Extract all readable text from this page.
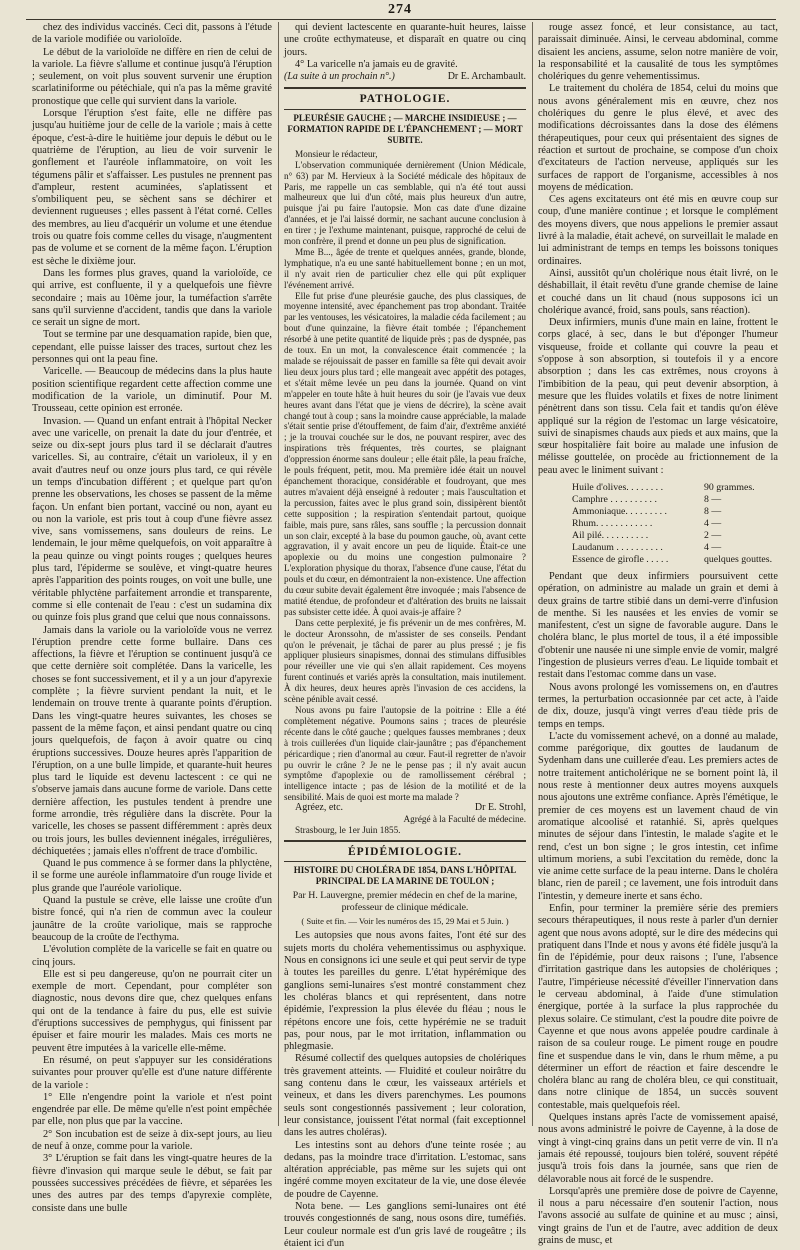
274

chez des individus vaccinés. Ceci dit, passons à l'étude de la variole modifiée ou varioloïde.

Le début de la varioloïde ne diffère en rien de celui de la variole. La fièvre s'allume et continue jusqu'à l'éruption ; seulement, on voit plus souvent survenir une éruption scarlatiniforme ou pétéchiale, qui n'a pas la même gravité pronostique que celle qui survient dans la variole.

Lorsque l'éruption s'est faite, elle ne diffère pas jusqu'au huitième jour de celle de la variole ; mais à cette époque, c'est-à-dire le huitième jour depuis le début ou le quatrième de l'éruption, au lieu de voir survenir le gonflement et l'auréole inflammatoire, on voit les tégumens pâlir et s'affaisser. Les pustules ne prennent pas d'ampleur, restent acuminées, s'aplatissent et s'ombiliquent peu, se sèchent sans se déchirer et deviennent rugueuses ; elles passent à l'état corné. Celles des membres, au lieu d'acquérir un volume et une étendue trois ou quatre fois comme celles du visage, n'augmentent pas de volume et se cornent de la même façon. L'éruption est sèche le dixième jour.

Dans les formes plus graves, quand la varioloïde, ce qui arrive, est confluente, il y a quelquefois une fièvre secondaire ; mais au 10ème jour, la tuméfaction s'arrête sans qu'il survienne d'accident, tandis que dans la variole ce serait un signe de mort.

Tout se termine par une desquamation rapide, bien que, cependant, elle puisse laisser des traces, surtout chez les personnes qui ont la peau fine.

Varicelle. — Beaucoup de médecins dans la plus haute position scientifique regardent cette affection comme une modification de la variole, un diminutif. Pour M. Trousseau, cette opinion est erronée.

Invasion. — Quand un enfant entrait à l'hôpital Necker avec une varicelle, on prenait la date du jour d'entrée, et seize ou dix-sept jours plus tard il se déclarait d'autres varicelles. Si, au contraire, c'était un varioleux, il y en avait d'autres neuf ou onze jours plus tard, ce qui révèle un temps d'incubation différent ; et quelque part qu'on prenne les observations, les choses se passent de la même façon. Un enfant bien portant, vacciné ou non, ayant eu ou non la variole, est pris tout à coup d'une fièvre assez vive, sans vomissemens, sans douleurs de reins. Le lendemain, le jour même quelquefois, on voit apparaître à la peau quinze ou vingt points rouges ; quelques heures plus tard, l'épiderme se soulève, et vingt-quatre heures après l'apparition des points rouges, on voit une bulle, une véritable phlyctène parfaitement arrondie et transparente, comme si elle contenait de l'eau : c'est un sudamina dix ou quinze fois plus grand que celui que nous connaissons.

Jamais dans la variole ou la varioloïde vous ne verrez l'éruption prendre cette forme bullaire. Dans ces affections, la fièvre et l'éruption se continuent jusqu'à ce que cette dernière soit complétée. Dans la varicelle, les choses se font successivement, et il y a un jour d'apyrexie complète ; la fièvre survient pendant la nuit, et le lendemain on trouve trente à quarante points d'éruption. Dans les vingt-quatre heures suivantes, les choses se passent de la même façon, et ainsi pendant quatre ou cinq jours quelquefois, de façon à avoir quatre ou cinq éruptions successives. Douze heures après l'apparition de l'éruption, on a une bulle limpide, et quarante-huit heures plus tard le liquide est devenu lactescent : ce qui ne s'observe jamais dans aucune forme de variole. Dans cette dernière affection, les pustules tendent à prendre une forme arrondie, très régulière dans la discrète. Pour la varicelle, les choses se passent différemment : après deux ou trois jours, les bulles deviennent inégales, irrégulières, déchiquetées ; jamais elles n'offrent de trace d'ombilic.

Quand le pus commence à se former dans la phlyctène, il se forme une auréole inflammatoire d'un rouge livide et plus grande que l'auréole variolique.

Quand la pustule se crève, elle laisse une croûte d'un bistre foncé, qui n'a rien de commun avec la couleur jaunâtre de la croûte variolique, mais se rapproche beaucoup de la croûte de l'ecthyma.

L'évolution complète de la varicelle se fait en quatre ou cinq jours.

Elle est si peu dangereuse, qu'on ne pourrait citer un exemple de mort. Cependant, pour compléter son diagnostic, nous devons dire que, chez quelques enfans qui ont de la tendance à faire du pus, elle est suivie d'éruptions successives de pemphygus, qui finissent par épuiser et faire mourir les malades. Mais ces morts ne peuvent être imputées à la varicelle elle-même.

En résumé, on peut s'appuyer sur les considérations suivantes pour prouver qu'elle est d'une nature différente de la variole :

1° Elle n'engendre point la variole et n'est point engendrée par elle. De même qu'elle n'est point empêchée par elle, non plus que par la vaccine.

2° Son incubation est de seize à dix-sept jours, au lieu de neuf à onze, comme pour la variole.

3° L'éruption se fait dans les vingt-quatre heures de la fièvre d'invasion qui marque seule le début, se fait par poussées successives précédées de fièvre, et séparées les unes des autres par des temps d'apyrexie complète, consiste dans une bulle

qui devient lactescente en quarante-huit heures, laisse une croûte ecthymateuse, et disparaît en quatre ou cinq jours.

4° La varicelle n'a jamais eu de gravité.

(La suite à un prochain n°.)	Dr E. Archambault.
PATHOLOGIE.
PLEURÉSIE GAUCHE ; — MARCHE INSIDIEUSE ; — FORMATION RAPIDE DE L'ÉPANCHEMENT ; — MORT SUBITE.

Monsieur le rédacteur,

L'observation communiquée dernièrement (Union Médicale, n° 63) par M. Hervieux à la Société médicale des hôpitaux de Paris, me rappelle un cas semblable, qui n'a été tout aussi malheureux que lui d'un côté, mais plus heureux d'un autre, puisque j'ai pu faire l'autopsie. Mon cas date d'une dizaine d'années, et je l'ai laissé dormir, ne sachant aucune conclusion à en tirer ; je l'exhume maintenant, puisque, rapproché de celui de mon confrère, il prend et donne un peu plus de signification.

Mme B..., âgée de trente et quelques années, grande, blonde, lymphatique, n'a eu une santé habituellement bonne ; en un mot, il n'y avait rien de particulier chez elle qui pût expliquer l'événement arrivé.

Elle fut prise d'une pleurésie gauche, des plus classiques, de moyenne intensité, avec épanchement pas trop abondant. Traitée par les ventouses, les vésicatoires, la maladie céda facilement ; au bout d'une quinzaine, la fièvre était tombée ; l'épanchement résorbé à une petite quantité de liquide près ; pas de dyspnée, pas de toux. En un mot, la convalescence était commencée ; la malade se réjouissait de passer en famille sa fête qui devait avoir lieu deux jours plus tard ; elle mangeait avec appétit des potages, et s'était même levée un peu dans la journée. Quand on vint m'appeler en toute hâte à huit heures du soir (je l'avais vue deux heures avant dans l'état que je viens de décrire), la scène avait changé tout à coup ; sans la moindre cause appréciable, la malade s'était sentie prise d'étouffement, de faim d'air, d'extrême anxiété ; je la trouvai couchée sur le dos, ne pouvant respirer, avec des inspirations très fréquentes, très courtes, se plaignant d'oppression énorme sans douleur ; elle était pâle, la peau fraîche, le pouls fréquent, petit, mou. Ma première idée était un nouvel épanchement thoracique, considérable et foudroyant, que mes autres m'avaient déjà enseigné à redouter ; mais l'auscultation et la percussion, faites avec le plus grand soin, dissipèrent bientôt cette supposition ; la respiration s'entendait partout, quoique faible, mais pure, sans râles, sans souffle ; la percussion donnait un son clair, excepté à la base du poumon gauche, où, avant cette aggravation, il y avait encore un peu de liquide. Était-ce une apoplexie ou du moins une congestion pulmonaire ? L'exploration physique du thorax, l'absence d'une cause, l'état du pouls et du cœur, en démontraient la non-existence. Une affection du cœur subite devait également être invoquée ; mais l'absence de matité étendue, de profondeur et d'altération des bruits ne laissait pas subsister cette idée. À quoi avais-je affaire ?

Dans cette perplexité, je fis prévenir un de mes confrères, M. le docteur Aronssohn, de m'assister de ses conseils. Pendant qu'on le prévenait, je tâchai de parer au plus pressé ; je fis appliquer plusieurs sinapismes, donnai des stimulans diffusibles pour réveiller une vie qui s'en allait rapidement. Ces moyens furent continués et variés après la consultation, mais inutilement. À dix heures, deux heures après l'invasion de ces accidens, la scène pénible avait cessé.

Nous avons pu faire l'autopsie de la poitrine : Elle a été complètement négative. Poumons sains ; traces de pleurésie récente dans le côté gauche ; quelques fausses membranes ; deux à trois cuillerées d'un liquide clair-jaunâtre ; pas d'épanchement péricardique ; rien d'anormal au cœur. Faut-il regretter de n'avoir pu ouvrir le crâne ? Je ne le pense pas ; il n'y avait aucun symptôme d'apoplexie ou de ramollissement cérébral ; intelligence intacte ; pas de lésion de la motilité et de la sensibilité. Mais de quoi est morte ma malade ?

Agréez, etc.	Dr E. Strohl,

Agrégé à la Faculté de médecine.

Strasbourg, le 1er Juin 1855.

ÉPIDÉMIOLOGIE.
HISTOIRE DU CHOLÉRA DE 1854, DANS L'HÔPITAL PRINCIPAL DE LA MARINE DE TOULON ;

Par H. Lauvergne, premier médecin en chef de la marine, professeur de clinique médicale.

( Suite et fin. — Voir les numéros des 15, 29 Mai et 5 Juin. )

Les autopsies que nous avons faites, l'ont été sur des sujets morts du choléra vehementissimus ou asphyxique. Nous en consignons ici une seule et qui peut servir de type à toutes les pareilles du genre. L'état hypérémique des ganglions semi-lunaires s'est montré constamment chez les choléras blancs et qui représentent, dans notre épidémie, l'expression la plus élevée du fléau ; nous le répétons encore une fois, cette hypérémie ne se traduit pas, pour nous, par le mot irritation, inflammation ou phlegmasie.

Résumé collectif des quelques autopsies de cholériques très gravement atteints. — Fluidité et couleur noirâtre du sang contenu dans le cœur, les vaisseaux artériels et veineux, et dans les divers parenchymes. Les poumons seuls sont congestionnés passivement ; leur coloration, leur consistance, jouissent l'état normal (fait exceptionnel dans les autres choléras).

Les intestins sont au dehors d'une teinte rosée ; au dedans, pas la moindre trace d'irritation. L'estomac, sans altération appréciable, pas même sur les sujets qui ont ingéré comme moyen excitateur de la vie, une dose élevée de poudre de Cayenne.

Nota bene. — Les ganglions semi-lunaires ont été trouvés congestionnés de sang, nous osons dire, tuméfiés. Leur couleur normale est d'un gris lavé de rougeâtre ; ils étaient ici d'un

rouge assez foncé, et leur consistance, au tact, paraissait diminuée. Ainsi, le cerveau abdominal, comme disaient les anciens, assume, selon notre manière de voir, la responsabilité et la causalité de tous les symptômes cholériques du genre vehementissimus.

Le traitement du choléra de 1854, celui du moins que nous avons généralement mis en œuvre, chez nos cholériques du genre le plus élevé, et avec des modifications décroissantes dans la dose des élémens thérapeutiques, pour ceux qui présentaient des signes de réaction et surtout de prochaine, se compose d'un choix d'excitateurs de l'action nerveuse, appliqués sur les surfaces de rapport de l'organisme, accessibles à nos moyens de médication.

Ces agens excitateurs ont été mis en œuvre coup sur coup, d'une manière continue ; et lorsque le complément des moyens divers, que nous appelions le premier assaut livré à la maladie, était achevé, on surveillait le malade en lui administrant de temps en temps les boissons toniques ordinaires.

Ainsi, aussitôt qu'un cholérique nous était livré, on le déshabillait, il était revêtu d'une grande chemise de laine et couché dans un lit chaud (nous supposons ici un cholérique avancé, froid, sans pouls, sans réaction).

Deux infirmiers, munis d'une main en laine, frottent le corps glacé, à sec, dans le but d'éponger l'humeur visqueuse, froide et collante qui couvre la peau et s'oppose à son absorption, si toutefois il y a encore absorption ; dans les cas extrêmes, nous croyons à l'imbibition de la peau, qui peut devenir absorption, à mesure que les fluides volatils et fixes de notre liniment pénètrent dans son tissu. Cela fait et tandis qu'on élève appliqué sur la région de l'estomac un large vésicatoire, suivi de sinapismes chauds aux pieds et aux mains, que la sœur hospitalière fait boire au malade une infusion de mélisse gouttelée, on procède au frictionnement de la peau avec le liniment suivant :

Huile d'olives. . . . . . . .	90 grammes.
Camphre . . . . . . . . . .	8 —
Ammoniaque. . . . . . . . .	8 —
Rhum. . . . . . . . . . . .	4 —
Ail pilé. . . . . . . . . .	2 —
Laudanum . . . . . . . . . .	4 —
Essence de girofle . . . . .	quelques gouttes.

Pendant que deux infirmiers poursuivent cette opération, on administre au malade un grain et demi à deux grains de tartre stibié dans un demi-verre d'infusion de menthe. Si les nausées et les envies de vomir se manifestent, c'est un signe de favorable augure. Dans le choléra blanc, le plus mortel de tous, il a été impossible d'obtenir une nausée ni une simple envie de vomir, malgré l'ingestion de plusieurs verres d'eau. Le liquide tombait et restait dans l'estomac comme dans un vase.

Nous avons prolongé les vomissemens on, en d'autres termes, la perturbation occasionnée par cet acte, à l'aide de dix, douze, jusqu'à vingt verres d'eau tiède pris de temps en temps.

L'acte du vomissement achevé, on a donné au malade, comme parégorique, dix gouttes de laudanum de Sydenham dans une cuillerée d'eau. Les premiers actes de notre traitement anticholérique ne se bornent point là, il nous reste à mentionner deux autres moyens auxquels nous ajoutons une extrême confiance. Après l'émétique, le premier de ces moyens est un lavement chaud de vin aromatique alcoolisé et ratanhié. Si, après quelques minutes de séjour dans l'intestin, le malade s'agite et le rend, c'est un bon signe ; le gros intestin, cet infime ultimum moriens, a subi l'excitation du remède, donc la vie anime cette surface de la peau interne. Dans le choléra blanc, rien de pareil ; ce lavement, une fois introduit dans l'intestin, y demeure inerte et sans écho.

Enfin, pour terminer la première série des premiers secours thérapeutiques, il nous reste à parler d'un dernier agent que nous avons adopté, sur le dire des médecins qui pratiquent dans l'Inde et nous y avons été fidèle jusqu'à la fin de l'épidémie, pour deux raisons ; l'une, l'absence d'irritation gastrique dans les autopsies de cholériques ; l'autre, l'impérieuse nécessité d'éveiller l'innervation dans le cerveau abdominal, à l'aide d'une stimulation énergique, portée à la surface la plus rapprochée du plexus solaire. Ce stimulant, c'est la poudre dite poivre de Cayenne et que nous avons appelée poudre cardinale à raison de sa couleur rouge. Le piment rouge en poudre fine et suspendue dans le vin, dans le rhum même, a pu déterminer un effort de réaction et faire descendre le choléra blanc au rang de choléra bleu, ce qui constituait, dans notre clinique de 1854, un succès souvent contestable, mais quelquefois réel.

Quelques instans après l'acte de vomissement apaisé, nous avons administré le poivre de Cayenne, à la dose de vingt à vingt-cinq grains dans un petit verre de vin. Il n'a jamais été repoussé, toujours bien toléré, souvent répété jusqu'à trois fois dans la journée, sans que rien de délavorable nous ait forcé de le suspendre.

Lorsqu'après une première dose de poivre de Cayenne, il nous a paru nécessaire d'en soutenir l'action, nous l'avons associé au sulfate de quinine et au musc ; ainsi, vingt grains de l'un et de l'autre, avec addition de deux grains de musc, et
